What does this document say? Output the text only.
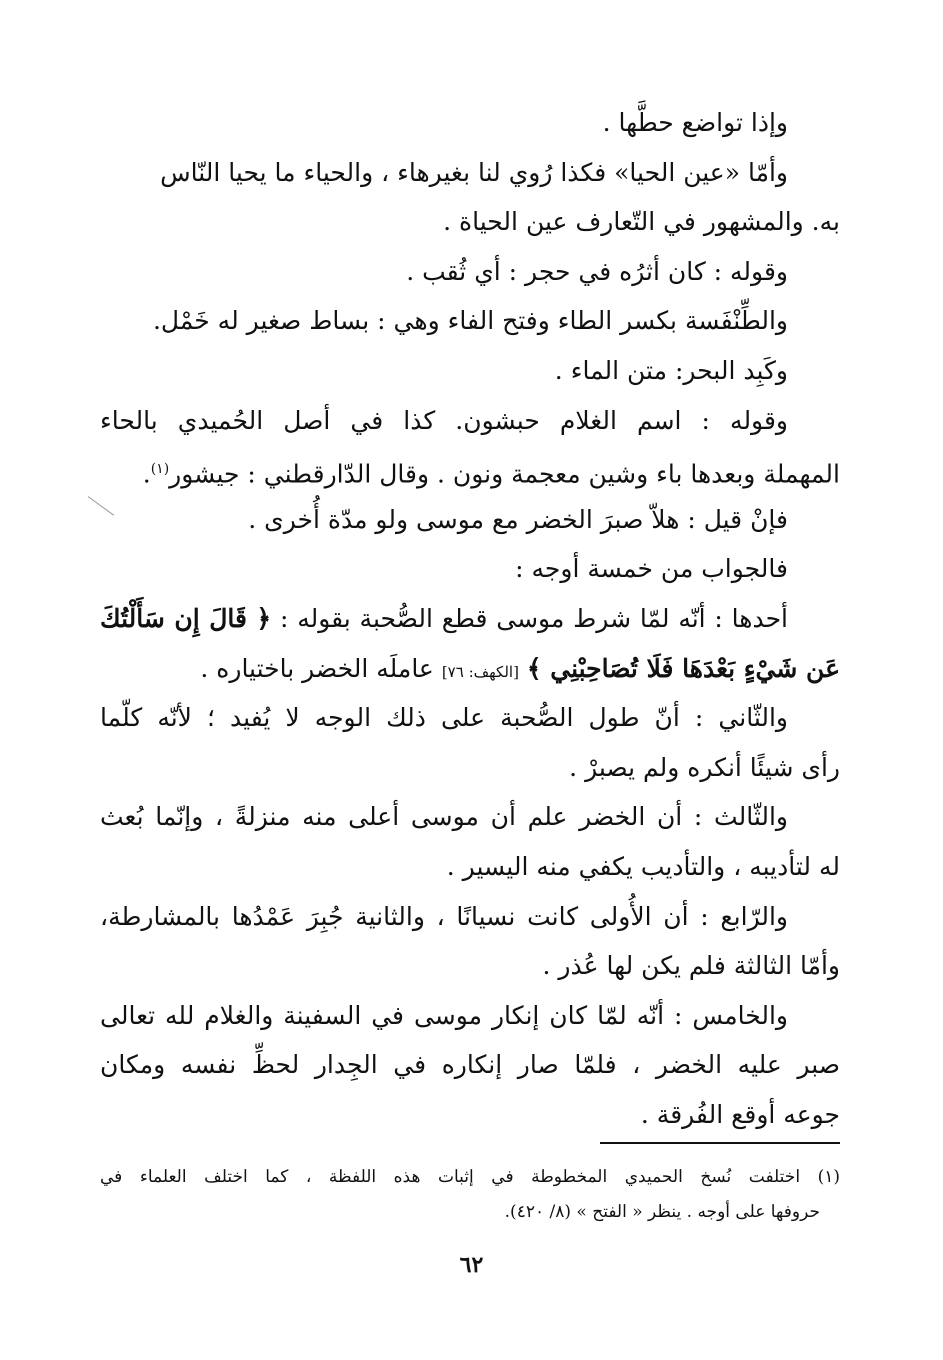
وإذا تواضع حطَّها .
وأمّا «عين الحيا» فكذا رُوي لنا بغيرهاء ، والحياء ما يحيا النّاس
به. والمشهور في التّعارف عين الحياة .
وقوله : كان أثرُه في حجر : أي ثُقب .
والطِّنْفَسة بكسر الطاء وفتح الفاء وهي : بساط صغير له خَمْل.
وكَبِد البحر: متن الماء .
وقوله : اسم الغلام حبشون. كذا في أصل الحُميدي بالحاء
المهملة وبعدها باء وشين معجمة ونون . وقال الدّارقطني : جيشور$^{(١)}$.
فإنْ قيل : هلاّ صبرَ الخضر مع موسى ولو مدّة أُخرى .
فالجواب من خمسة أوجه :
أحدها : أنّه لمّا شرط موسى قطع الصُّحبة بقوله : ﴿ قَالَ إِن سَأَلْتُكَ
عَن شَيْءٍ بَعْدَهَا فَلَا تُصَاحِبْنِي ﴾ [الكهف: ٧٦] عاملَه الخضر باختياره .
والثّاني : أنّ طول الصُّحبة على ذلك الوجه لا يُفيد ؛ لأنّه كلّما
رأى شيئًا أنكره ولم يصبرْ .
والثّالث : أن الخضر علم أن موسى أعلى منه منزلةً ، وإنّما بُعث
له لتأديبه ، والتأديب يكفي منه اليسير .
والرّابع : أن الأُولى كانت نسيانًا ، والثانية جُبِرَ عَمْدُها بالمشارطة،
وأمّا الثالثة فلم يكن لها عُذر .
والخامس : أنّه لمّا كان إنكار موسى في السفينة والغلام لله تعالى
صبر عليه الخضر ، فلمّا صار إنكاره في الجِدار لحظِّ نفسه ومكان
جوعه أوقع الفُرقة .
(١) اختلفت نُسخ الحميدي المخطوطة في إثبات هذه اللفظة ، كما اختلف العلماء في
حروفها على أوجه . ينظر « الفتح » (٨/ ٤٢٠).
٦٢
